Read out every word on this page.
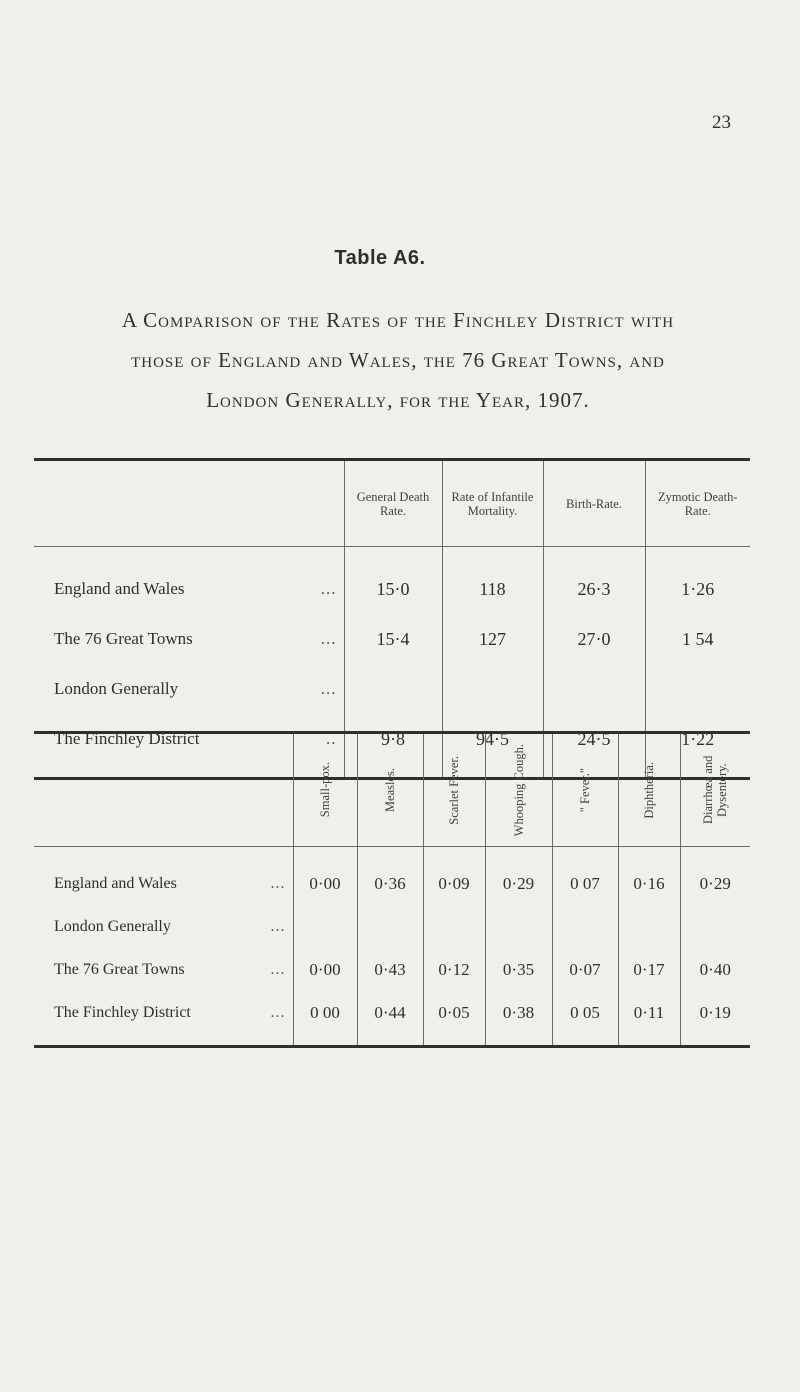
23
Table A6.
A Comparison of the Rates of the Finchley District with
those of England and Wales, the 76 Great Towns, and
London Generally, for the Year, 1907.
	General Death Rate.	Rate of Infantile Mortality.	Birth-Rate.	Zymotic Death-Rate.

England and Wales ...	15·0	118	26·3	1·26

The 76 Great Towns ...	15·4	127	27·0	1 54

London Generally ...				

The Finchley District ..	9·8	94·5	24·5	1·22

	Small-pox.	Measles.	Scarlet Fever.	Whooping Cough.	" Fever."	Diphtheria.	Diarrhœa and Dysentery.

England and Wales ...	0·00	0·36	0·09	0·29	0 07	0·16	0·29

London Generally ...							

The 76 Great Towns ...	0·00	0·43	0·12	0·35	0·07	0·17	0·40

The Finchley District ...	0 00	0·44	0·05	0·38	0 05	0·11	0·19
